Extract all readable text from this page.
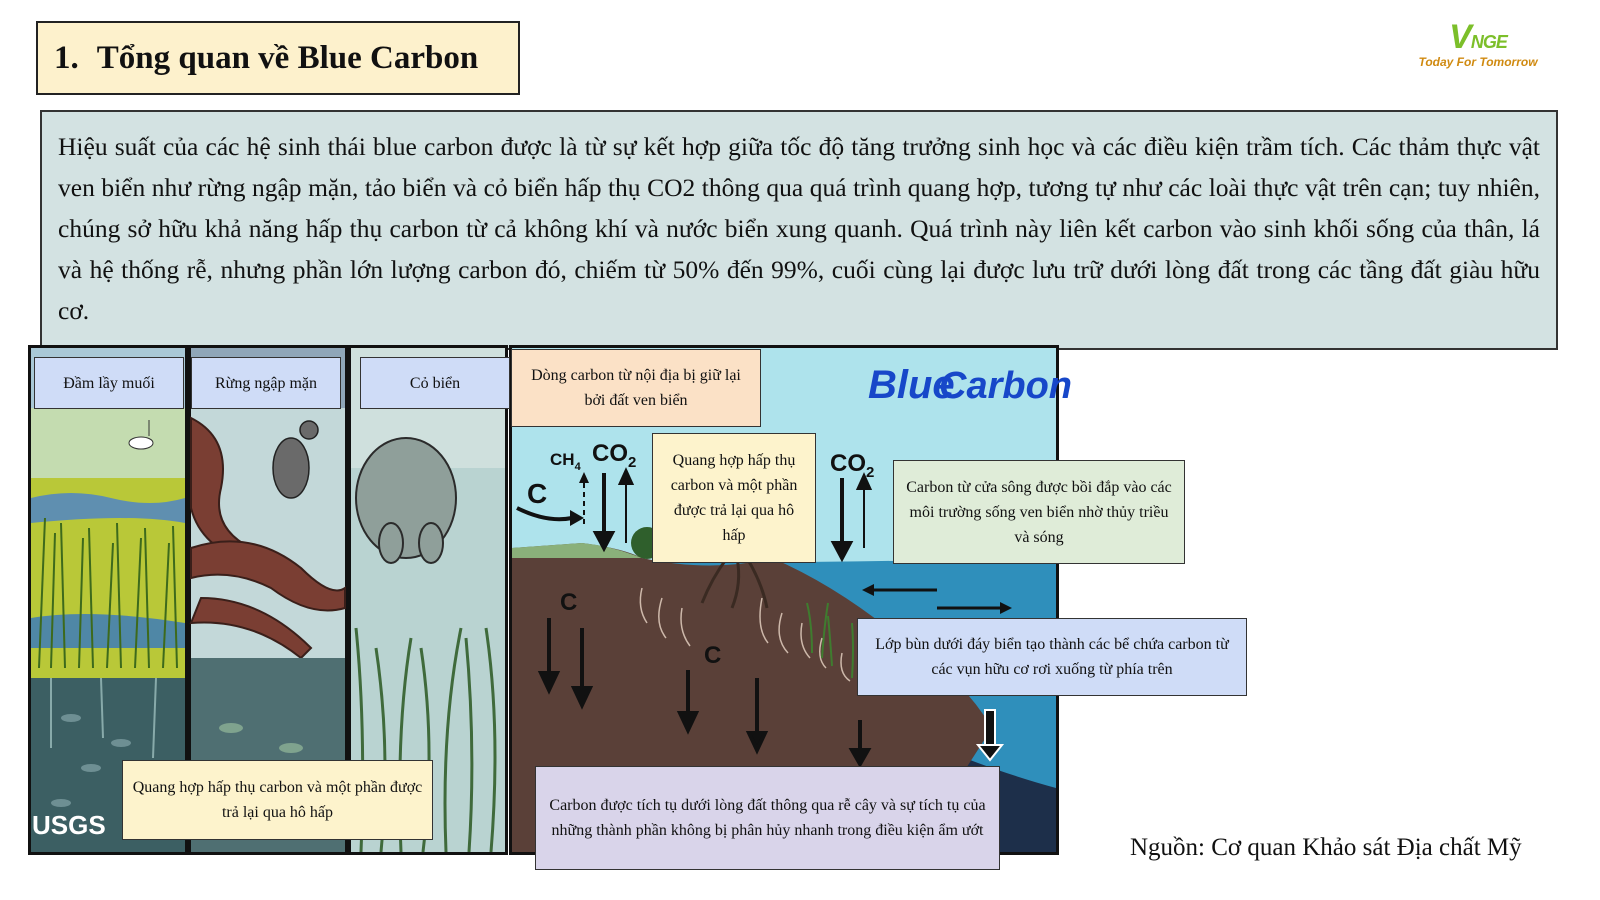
1. Tổng quan về Blue Carbon
VNGE
Today For Tomorrow
Hiệu suất của các hệ sinh thái blue carbon được là từ sự kết hợp giữa tốc độ tăng trưởng sinh học và các điều kiện trầm tích. Các thảm thực vật ven biển như rừng ngập mặn, tảo biển và cỏ biển hấp thụ CO2 thông qua quá trình quang hợp, tương tự như các loài thực vật trên cạn; tuy nhiên, chúng sở hữu khả năng hấp thụ carbon từ cả không khí và nước biển xung quanh. Quá trình này liên kết carbon vào sinh khối sống của thân, lá và hệ thống rễ, nhưng phần lớn lượng carbon đó, chiếm từ 50% đến 99%, cuối cùng lại được lưu trữ dưới lòng đất trong các tầng đất giàu hữu cơ.
USGS
$CH_4$ $CO_2$	$CO_2$
C
C
C
Blue
Carbon
Đầm lầy muối	Rừng ngập mặn	Cỏ biển	Dòng carbon từ nội địa bị giữ lại bởi đất ven biển
Quang hợp hấp thụ carbon và một phần được trả lại qua hô hấp
Carbon từ cửa sông được bồi đắp vào các môi trường sống ven biển nhờ thủy triều và sóng
Lớp bùn dưới đáy biển tạo thành các bể chứa carbon từ các vụn hữu cơ rơi xuống từ phía trên
Quang hợp hấp thụ carbon và một phần được trả lại qua hô hấp	Carbon được tích tụ dưới lòng đất thông qua rễ cây và sự tích tụ của những thành phần không bị phân hủy nhanh trong điều kiện ẩm ướt
Nguồn: Cơ quan Khảo sát Địa chất Mỹ
